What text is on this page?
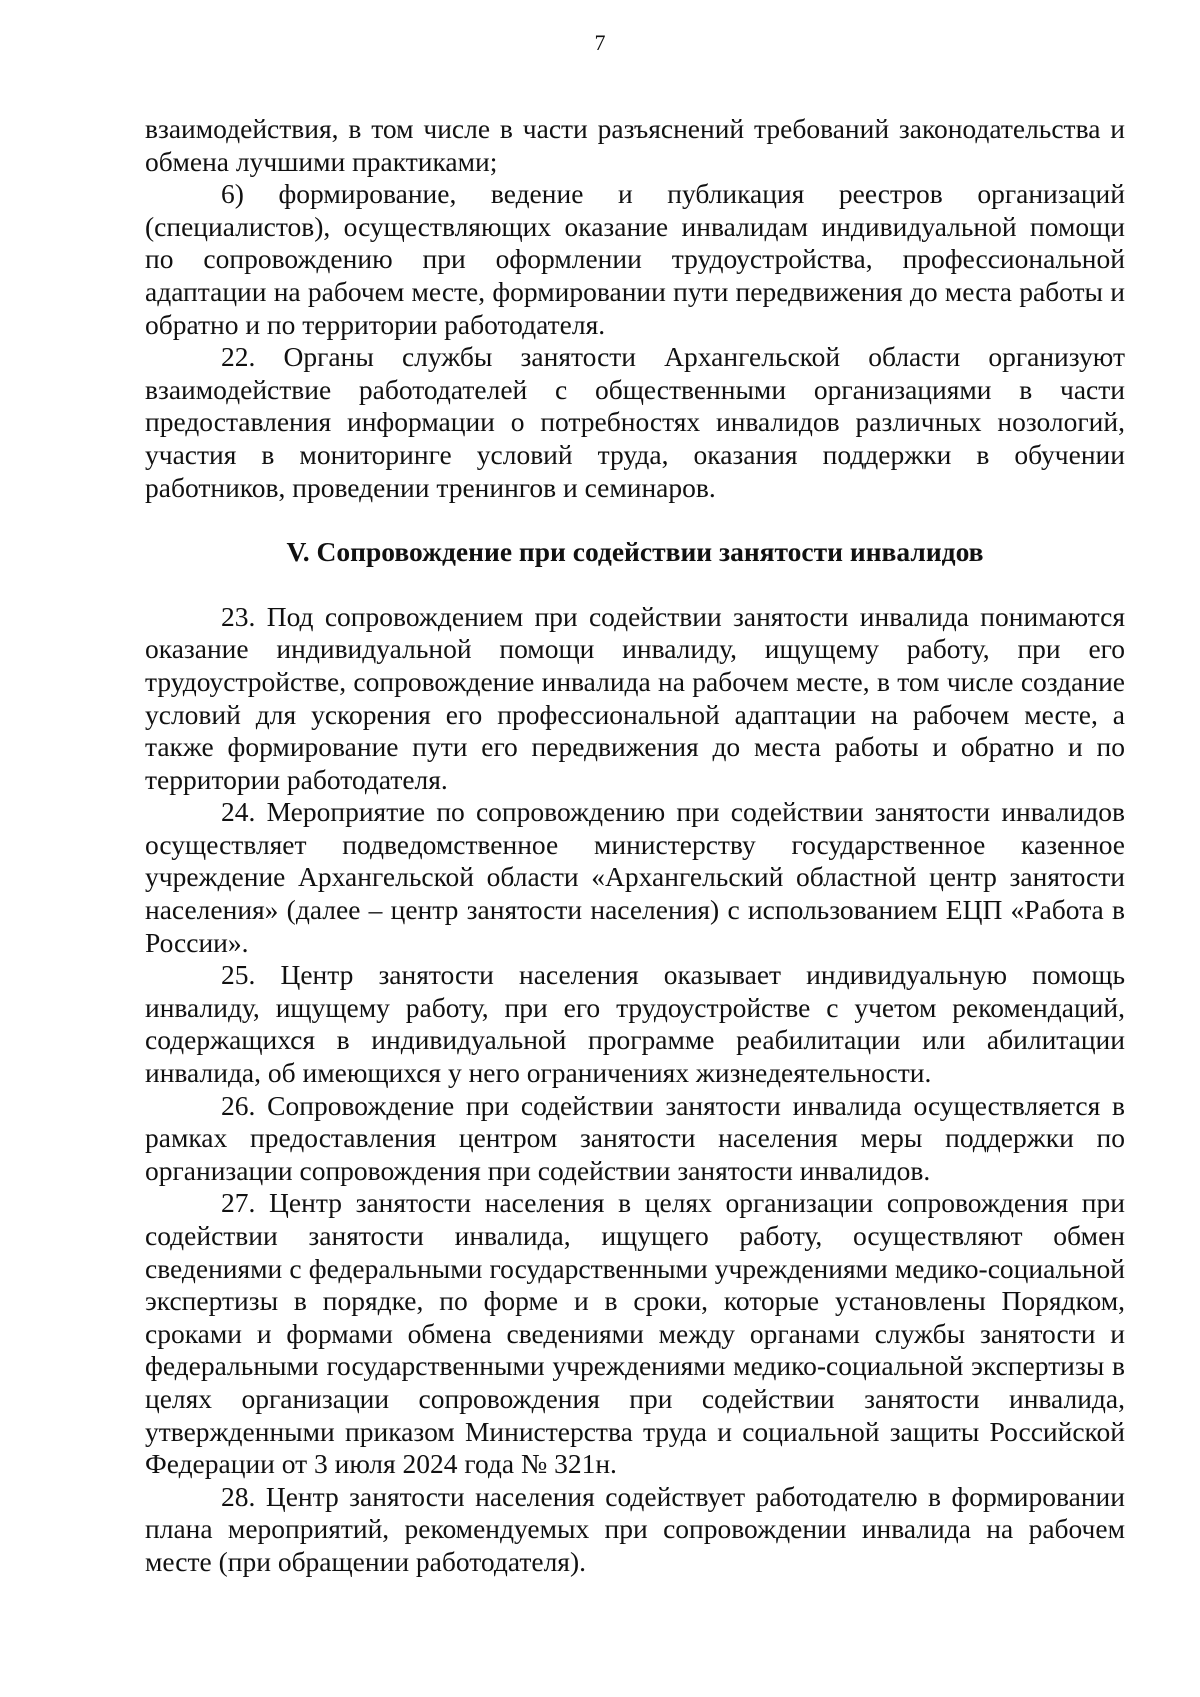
7

взаимодействия, в том числе в части разъяснений требований законодательства и обмена лучшими практиками;

6) формирование, ведение и публикация реестров организаций (специалистов), осуществляющих оказание инвалидам индивидуальной помощи по сопровождению при оформлении трудоустройства, профессиональной адаптации на рабочем месте, формировании пути передвижения до места работы и обратно и по территории работодателя.

22. Органы службы занятости Архангельской области организуют взаимодействие работодателей с общественными организациями в части предоставления информации о потребностях инвалидов различных нозологий, участия в мониторинге условий труда, оказания поддержки в обучении работников, проведении тренингов и семинаров.

V. Сопровождение при содействии занятости инвалидов

23. Под сопровождением при содействии занятости инвалида понимаются оказание индивидуальной помощи инвалиду, ищущему работу, при его трудоустройстве, сопровождение инвалида на рабочем месте, в том числе создание условий для ускорения его профессиональной адаптации на рабочем месте, а также формирование пути его передвижения до места работы и обратно и по территории работодателя.

24. Мероприятие по сопровождению при содействии занятости инвалидов осуществляет подведомственное министерству государственное казенное учреждение Архангельской области «Архангельский областной центр занятости населения» (далее – центр занятости населения) с использованием ЕЦП «Работа в России».

25. Центр занятости населения оказывает индивидуальную помощь инвалиду, ищущему работу, при его трудоустройстве с учетом рекомендаций, содержащихся в индивидуальной программе реабилитации или абилитации инвалида, об имеющихся у него ограничениях жизнедеятельности.

26. Сопровождение при содействии занятости инвалида осуществляется в рамках предоставления центром занятости населения меры поддержки по организации сопровождения при содействии занятости инвалидов.

27. Центр занятости населения в целях организации сопровождения при содействии занятости инвалида, ищущего работу, осуществляют обмен сведениями с федеральными государственными учреждениями медико-социальной экспертизы в порядке, по форме и в сроки, которые установлены Порядком, сроками и формами обмена сведениями между органами службы занятости и федеральными государственными учреждениями медико-социальной экспертизы в целях организации сопровождения при содействии занятости инвалида, утвержденными приказом Министерства труда и социальной защиты Российской Федерации от 3 июля 2024 года № 321н.

28. Центр занятости населения содействует работодателю в формировании плана мероприятий, рекомендуемых при сопровождении инвалида на рабочем месте (при обращении работодателя).
